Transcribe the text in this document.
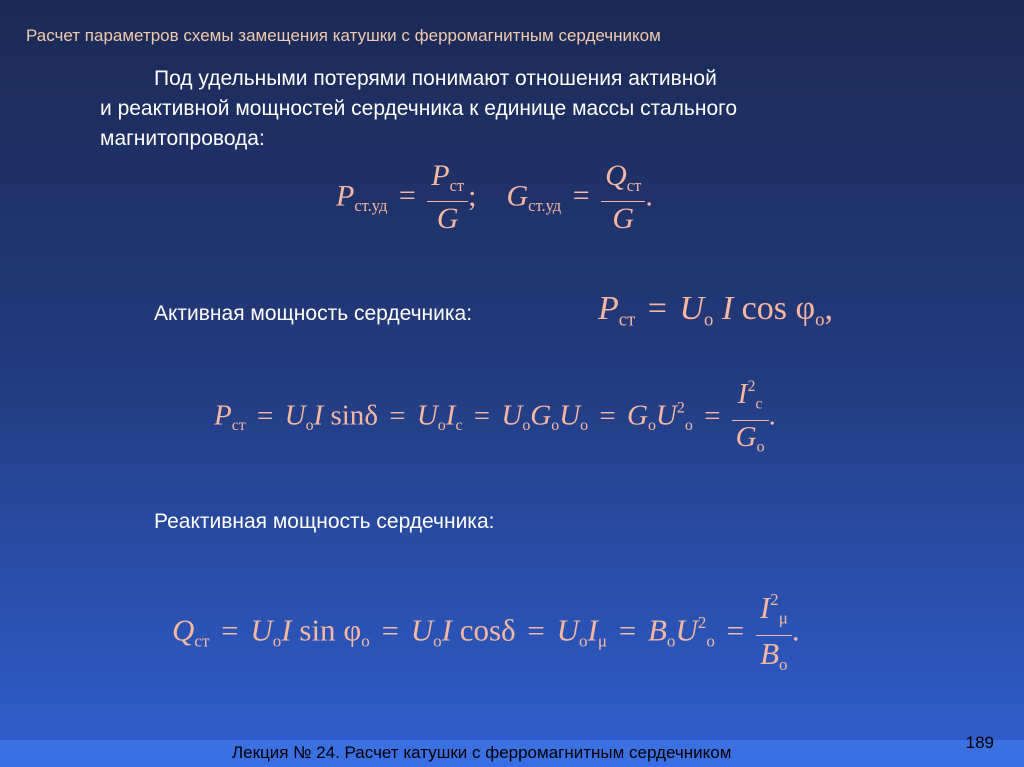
Расчет параметров схемы замещения катушки с ферромагнитным сердечником
Под удельными потерями понимают отношения активной
и реактивной мощностей сердечника к единице массы стального
магнитопровода:
$P_{ст.уд} = \frac{P_{ст}}{G}$ ; $G_{ст.уд} = \frac{Q_{ст}}{G}$ .
Активная мощность сердечника:	$P_{ст} = U_о$ I $\cos \varphi_о$,
$P_{ст} = U_оI$ $\sin\delta = U_оI_с = U_оG_оU_о = G_оU^2_о = \frac{I^2_с}{G_о}$ .
Реактивная мощность сердечника:
$Q_{ст} = U_оI$ $\sin \varphi_о = U_оI$ $\cos\delta = U_оI_\mu = B_оU^2_о = \frac{I^2_\mu}{B_о}$ .
Лекция № 24. Расчет катушки с ферромагнитным сердечником
189
